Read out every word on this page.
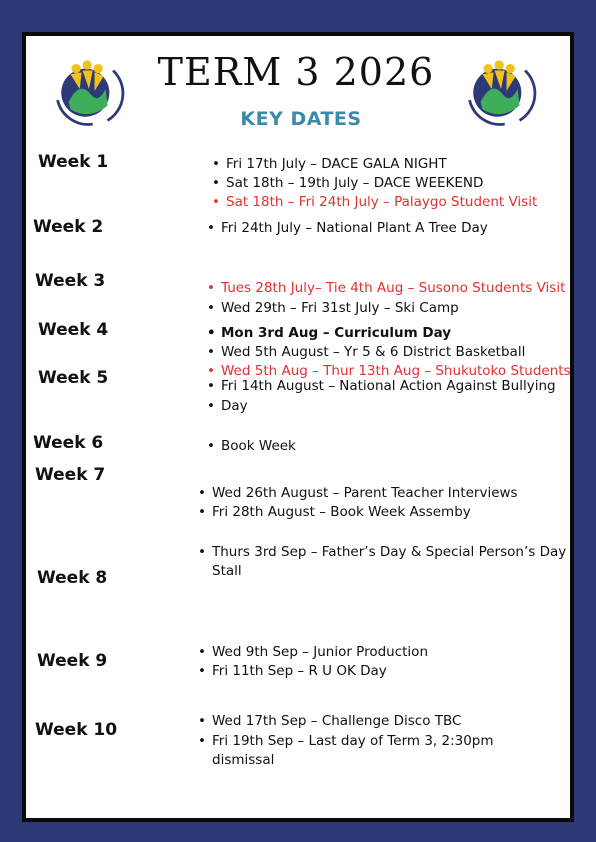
TERM 3 2026
KEY DATES
Week 1
Week 2
Week 3
Week 4
Week 5
Week 6
Week 7
Week 8
Week 9
Week 10
• Fri 17th July – DACE GALA NIGHT
• Sat 18th – 19th July – DACE WEEKEND
• Sat 18th – Fri 24th July – Palaygo Student Visit
• Fri 24th July – National Plant A Tree Day
• Tues 28th July– Tie 4th Aug – Susono Students Visit
• Wed 29th – Fri 31st July – Ski Camp
• Mon 3rd Aug – Curriculum Day
• Wed 5th August – Yr 5 & 6 District Basketball
• Wed 5th Aug – Thur 13th Aug – Shukutoko Students
• Fri 14th August – National Action Against Bullying
• Day
• Book Week
• Wed 26th August – Parent Teacher Interviews
• Fri 28th August – Book Week Assemby
• Thurs 3rd Sep – Father’s Day & Special Person’s Day
Stall
• Wed 9th Sep – Junior Production
• Fri 11th Sep – R U OK Day
• Wed 17th Sep – Challenge Disco TBC
• Fri 19th Sep – Last day of Term 3, 2:30pm
dismissal
